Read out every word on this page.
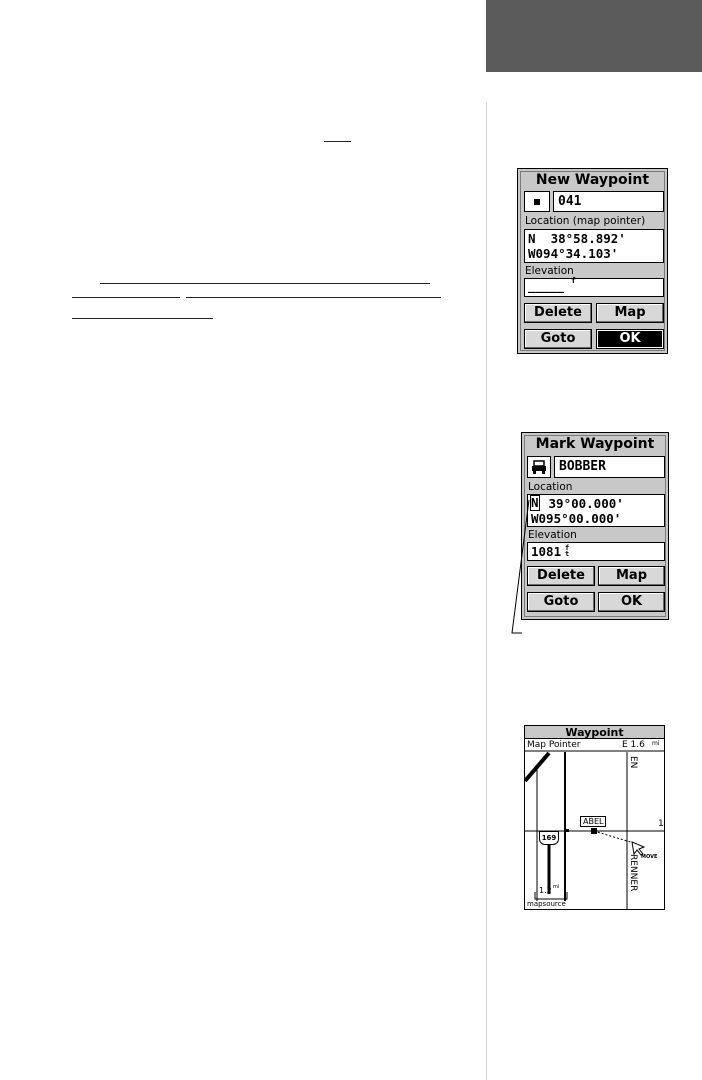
New Waypoint
041
Location (map pointer)
N  38°58.892'
W094°34.103'
Elevation
_____ f
Delete	Map
Goto	OK
Mark Waypoint
BOBBER
Location
N 39°00.000'
W095°00.000'
Elevation
1081 ft
Delete	Map
Goto	OK
Waypoint
Map Pointer	E 1.6 mi
169
ABEL
MOVE
EN
RENNER
1
1.2 mi
mapsource
